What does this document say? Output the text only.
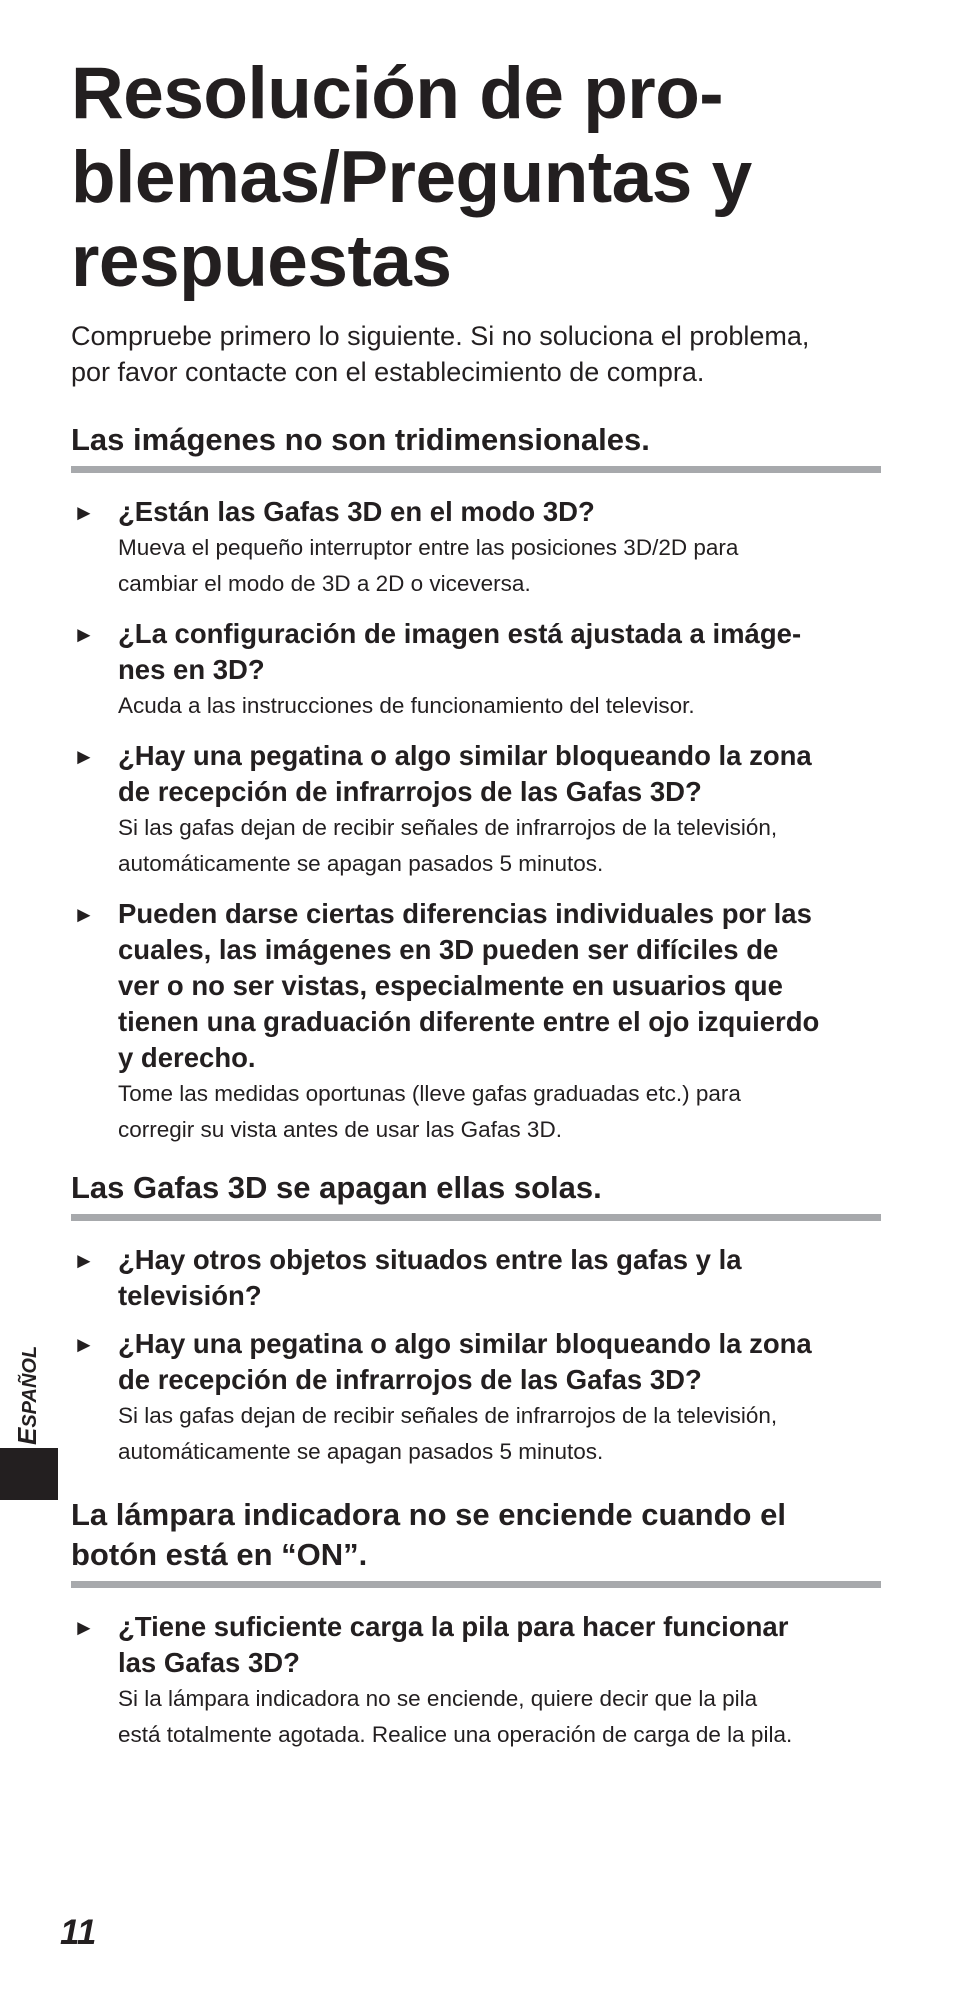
Resolución de pro-
blemas/Preguntas y
respuestas

Compruebe primero lo siguiente. Si no soluciona el problema,
por favor contacte con el establecimiento de compra.

Las imágenes no son tridimensionales.
► ¿Están las Gafas 3D en el modo 3D?
Mueva el pequeño interruptor entre las posiciones 3D/2D para
cambiar el modo de 3D a 2D o viceversa.
► ¿La configuración de imagen está ajustada a imáge-
nes en 3D?
Acuda a las instrucciones de funcionamiento del televisor.
► ¿Hay una pegatina o algo similar bloqueando la zona
de recepción de infrarrojos de las Gafas 3D?
Si las gafas dejan de recibir señales de infrarrojos de la televisión,
automáticamente se apagan pasados 5 minutos.
► Pueden darse ciertas diferencias individuales por las
cuales, las imágenes en 3D pueden ser difíciles de
ver o no ser vistas, especialmente en usuarios que
tienen una graduación diferente entre el ojo izquierdo
y derecho.
Tome las medidas oportunas (lleve gafas graduadas etc.) para
corregir su vista antes de usar las Gafas 3D.
Las Gafas 3D se apagan ellas solas.
► ¿Hay otros objetos situados entre las gafas y la
televisión?
► ¿Hay una pegatina o algo similar bloqueando la zona
de recepción de infrarrojos de las Gafas 3D?
Si las gafas dejan de recibir señales de infrarrojos de la televisión,
automáticamente se apagan pasados 5 minutos.
La lámpara indicadora no se enciende cuando el
botón está en “ON”.
► ¿Tiene suficiente carga la pila para hacer funcionar
las Gafas 3D?
Si la lámpara indicadora no se enciende, quiere decir que la pila
está totalmente agotada. Realice una operación de carga de la pila.
ESPAÑOL
11
